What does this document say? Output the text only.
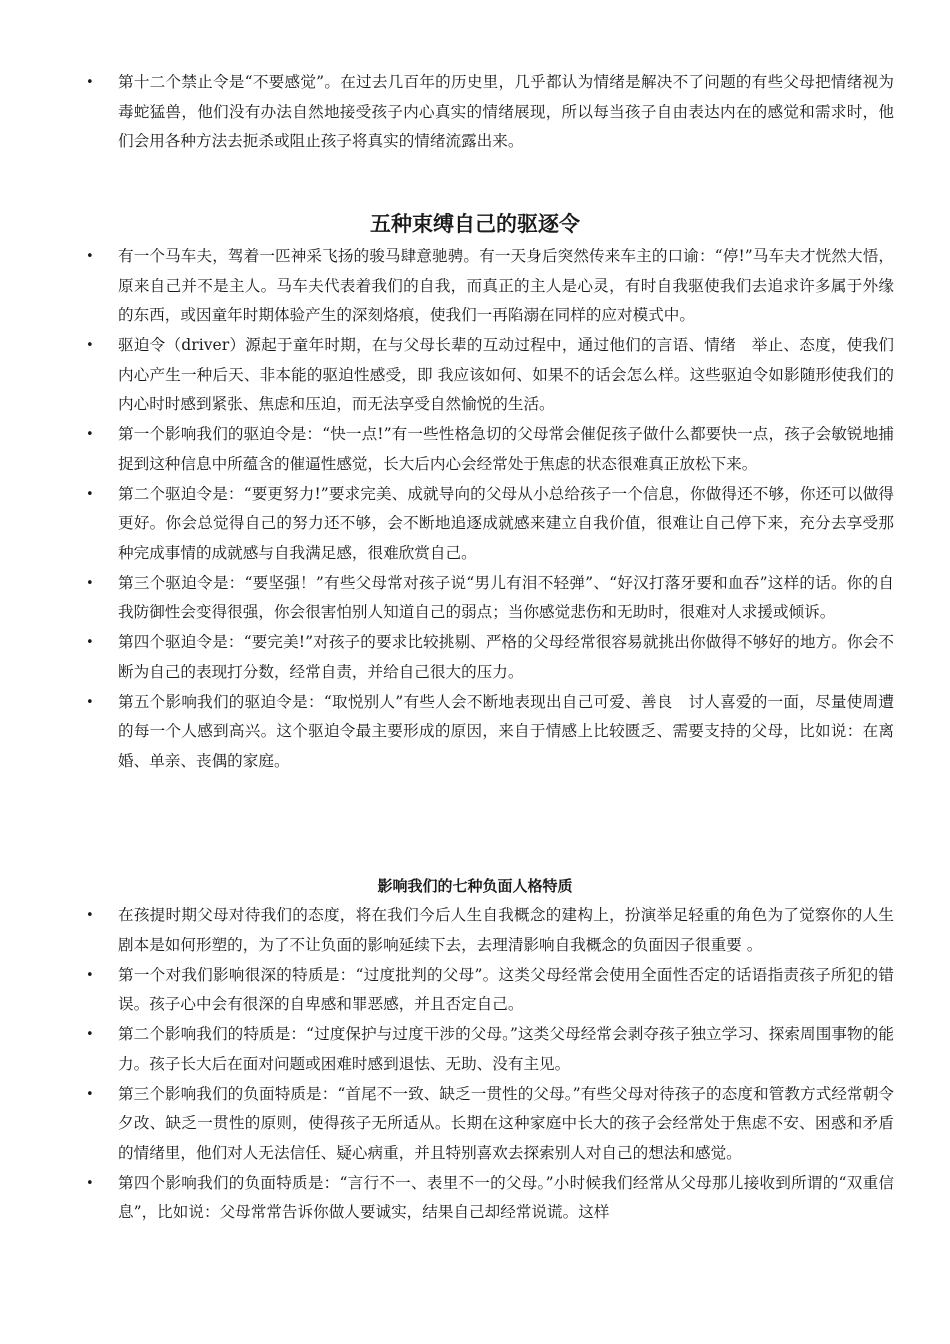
• 第十二个禁止令是“不要感觉”。在过去几百年的历史里，几乎都认为情绪是解决不了问题的有些父母把情绪视为毒蛇猛兽，他们没有办法自然地接受孩子内心真实的情绪展现，所以每当孩子自由表达内在的感觉和需求时，他们会用各种方法去扼杀或阻止孩子将真实的情绪流露出来。
五种束缚自己的驱逐令
• 有一个马车夫，驾着一匹神采飞扬的骏马肆意驰骋。有一天身后突然传来车主的口谕：“停!”马车夫才恍然大悟，原来自己并不是主人。马车夫代表着我们的自我，而真正的主人是心灵，有时自我驱使我们去追求许多属于外缘的东西，或因童年时期体验产生的深刻烙痕，使我们一再陷溺在同样的应对模式中。
• 驱迫令（driver）源起于童年时期，在与父母长辈的互动过程中，通过他们的言语、情绪　举止、态度，使我们内心产生一种后天、非本能的驱迫性感受，即 我应该如何、如果不的话会怎么样。这些驱迫令如影随形使我们的内心时时感到紧张、焦虑和压迫，而无法享受自然愉悦的生活。
• 第一个影响我们的驱迫令是：“快一点!”有一些性格急切的父母常会催促孩子做什么都要快一点，孩子会敏锐地捕捉到这种信息中所蕴含的催逼性感觉，长大后内心会经常处于焦虑的状态很难真正放松下来。
• 第二个驱迫令是：“要更努力!”要求完美、成就导向的父母从小总给孩子一个信息，你做得还不够，你还可以做得更好。你会总觉得自己的努力还不够，会不断地追逐成就感来建立自我价值，很难让自己停下来，充分去享受那种完成事情的成就感与自我满足感，很难欣赏自己。
• 第三个驱迫令是：“要坚强！”有些父母常对孩子说“男儿有泪不轻弹”、“好汉打落牙要和血吞”这样的话。你的自我防御性会变得很强，你会很害怕别人知道自己的弱点；当你感觉悲伤和无助时，很难对人求援或倾诉。
• 第四个驱迫令是：“要完美!”对孩子的要求比较挑剔、严格的父母经常很容易就挑出你做得不够好的地方。你会不断为自己的表现打分数，经常自责，并给自己很大的压力。
• 第五个影响我们的驱迫令是：“取悦别人”有些人会不断地表现出自己可爱、善良　讨人喜爱的一面，尽量使周遭的每一个人感到高兴。这个驱迫令最主要形成的原因，来自于情感上比较匮乏、需要支持的父母，比如说：在离婚、单亲、丧偶的家庭。
影响我们的七种负面人格特质
• 在孩提时期父母对待我们的态度，将在我们今后人生自我概念的建构上，扮演举足轻重的角色为了觉察你的人生剧本是如何形塑的，为了不让负面的影响延续下去，去理清影响自我概念的负面因子很重要 。
• 第一个对我们影响很深的特质是：“过度批判的父母”。这类父母经常会使用全面性否定的话语指责孩子所犯的错误。孩子心中会有很深的自卑感和罪恶感，并且否定自己。
• 第二个影响我们的特质是：“过度保护与过度干涉的父母。”这类父母经常会剥夺孩子独立学习、探索周围事物的能力。孩子长大后在面对问题或困难时感到退怯、无助、没有主见。
• 第三个影响我们的负面特质是：“首尾不一致、缺乏一贯性的父母。”有些父母对待孩子的态度和管教方式经常朝令夕改、缺乏一贯性的原则，使得孩子无所适从。长期在这种家庭中长大的孩子会经常处于焦虑不安、困惑和矛盾的情绪里，他们对人无法信任、疑心病重，并且特别喜欢去探索别人对自己的想法和感觉。
• 第四个影响我们的负面特质是：“言行不一、表里不一的父母。”小时候我们经常从父母那儿接收到所谓的“双重信息”，比如说：父母常常告诉你做人要诚实，结果自己却经常说谎。这样
